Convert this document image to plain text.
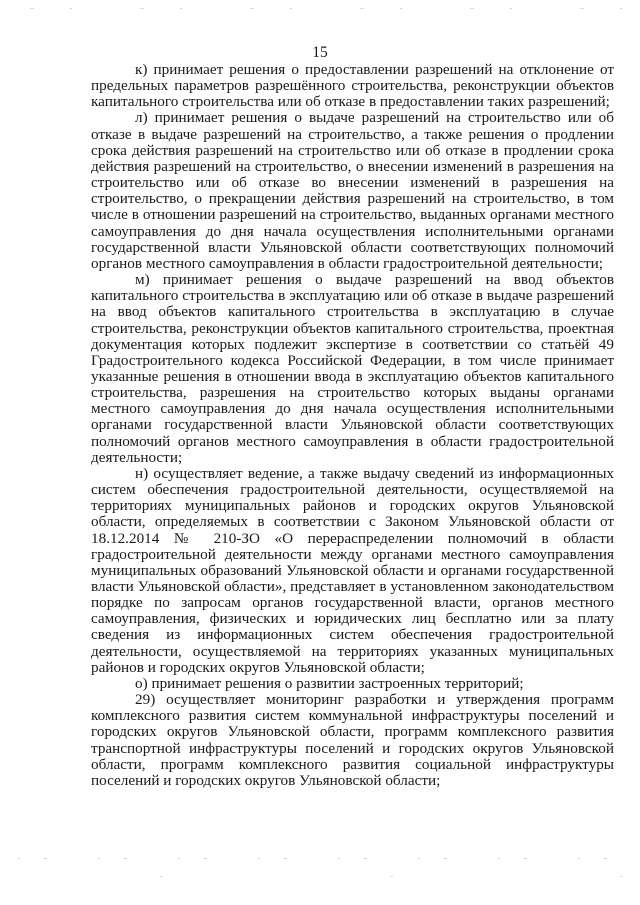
15

к) принимает решения о предоставлении разрешений на отклонение от предельных параметров разрешённого строительства, реконструкции объектов капитального строительства или об отказе в предоставлении таких разрешений;

л) принимает решения о выдаче разрешений на строительство или об отказе в выдаче разрешений на строительство, а также решения о продлении срока действия разрешений на строительство или об отказе в продлении срока действия разрешений на строительство, о внесении изменений в разрешения на строительство или об отказе во внесении изменений в разрешения на строительство, о прекращении действия разрешений на строительство, в том числе в отношении разрешений на строительство, выданных органами местного самоуправления до дня начала осуществления исполнительными органами государственной власти Ульяновской области соответствующих полномочий органов местного самоуправления в области градостроительной деятельности;

м) принимает решения о выдаче разрешений на ввод объектов капитального строительства в эксплуатацию или об отказе в выдаче разрешений на ввод объектов капитального строительства в эксплуатацию в случае строительства, реконструкции объектов капитального строительства, проектная документация которых подлежит экспертизе в соответствии со статьёй 49 Градостроительного кодекса Российской Федерации, в том числе принимает указанные решения в отношении ввода в эксплуатацию объектов капитального строительства, разрешения на строительство которых выданы органами местного самоуправления до дня начала осуществления исполнительными органами государственной власти Ульяновской области соответствующих полномочий органов местного самоуправления в области градостроительной деятельности;

н) осуществляет ведение, а также выдачу сведений из информационных систем обеспечения градостроительной деятельности, осуществляемой на территориях муниципальных районов и городских округов Ульяновской области, определяемых в соответствии с Законом Ульяновской области от 18.12.2014 № 210-ЗО «О перераспределении полномочий в области градостроительной деятельности между органами местного самоуправления муниципальных образований Ульяновской области и органами государственной власти Ульяновской области», представляет в установленном законодательством порядке по запросам органов государственной власти, органов местного самоуправления, физических и юридических лиц бесплатно или за плату сведения из информационных систем обеспечения градостроительной деятельности, осуществляемой на территориях указанных муниципальных районов и городских округов Ульяновской области;

о) принимает решения о развитии застроенных территорий;

29) осуществляет мониторинг разработки и утверждения программ комплексного развития систем коммунальной инфраструктуры поселений и городских округов Ульяновской области, программ комплексного развития транспортной инфраструктуры поселений и городских округов Ульяновской области, программ комплексного развития социальной инфраструктуры поселений и городских округов Ульяновской области;
